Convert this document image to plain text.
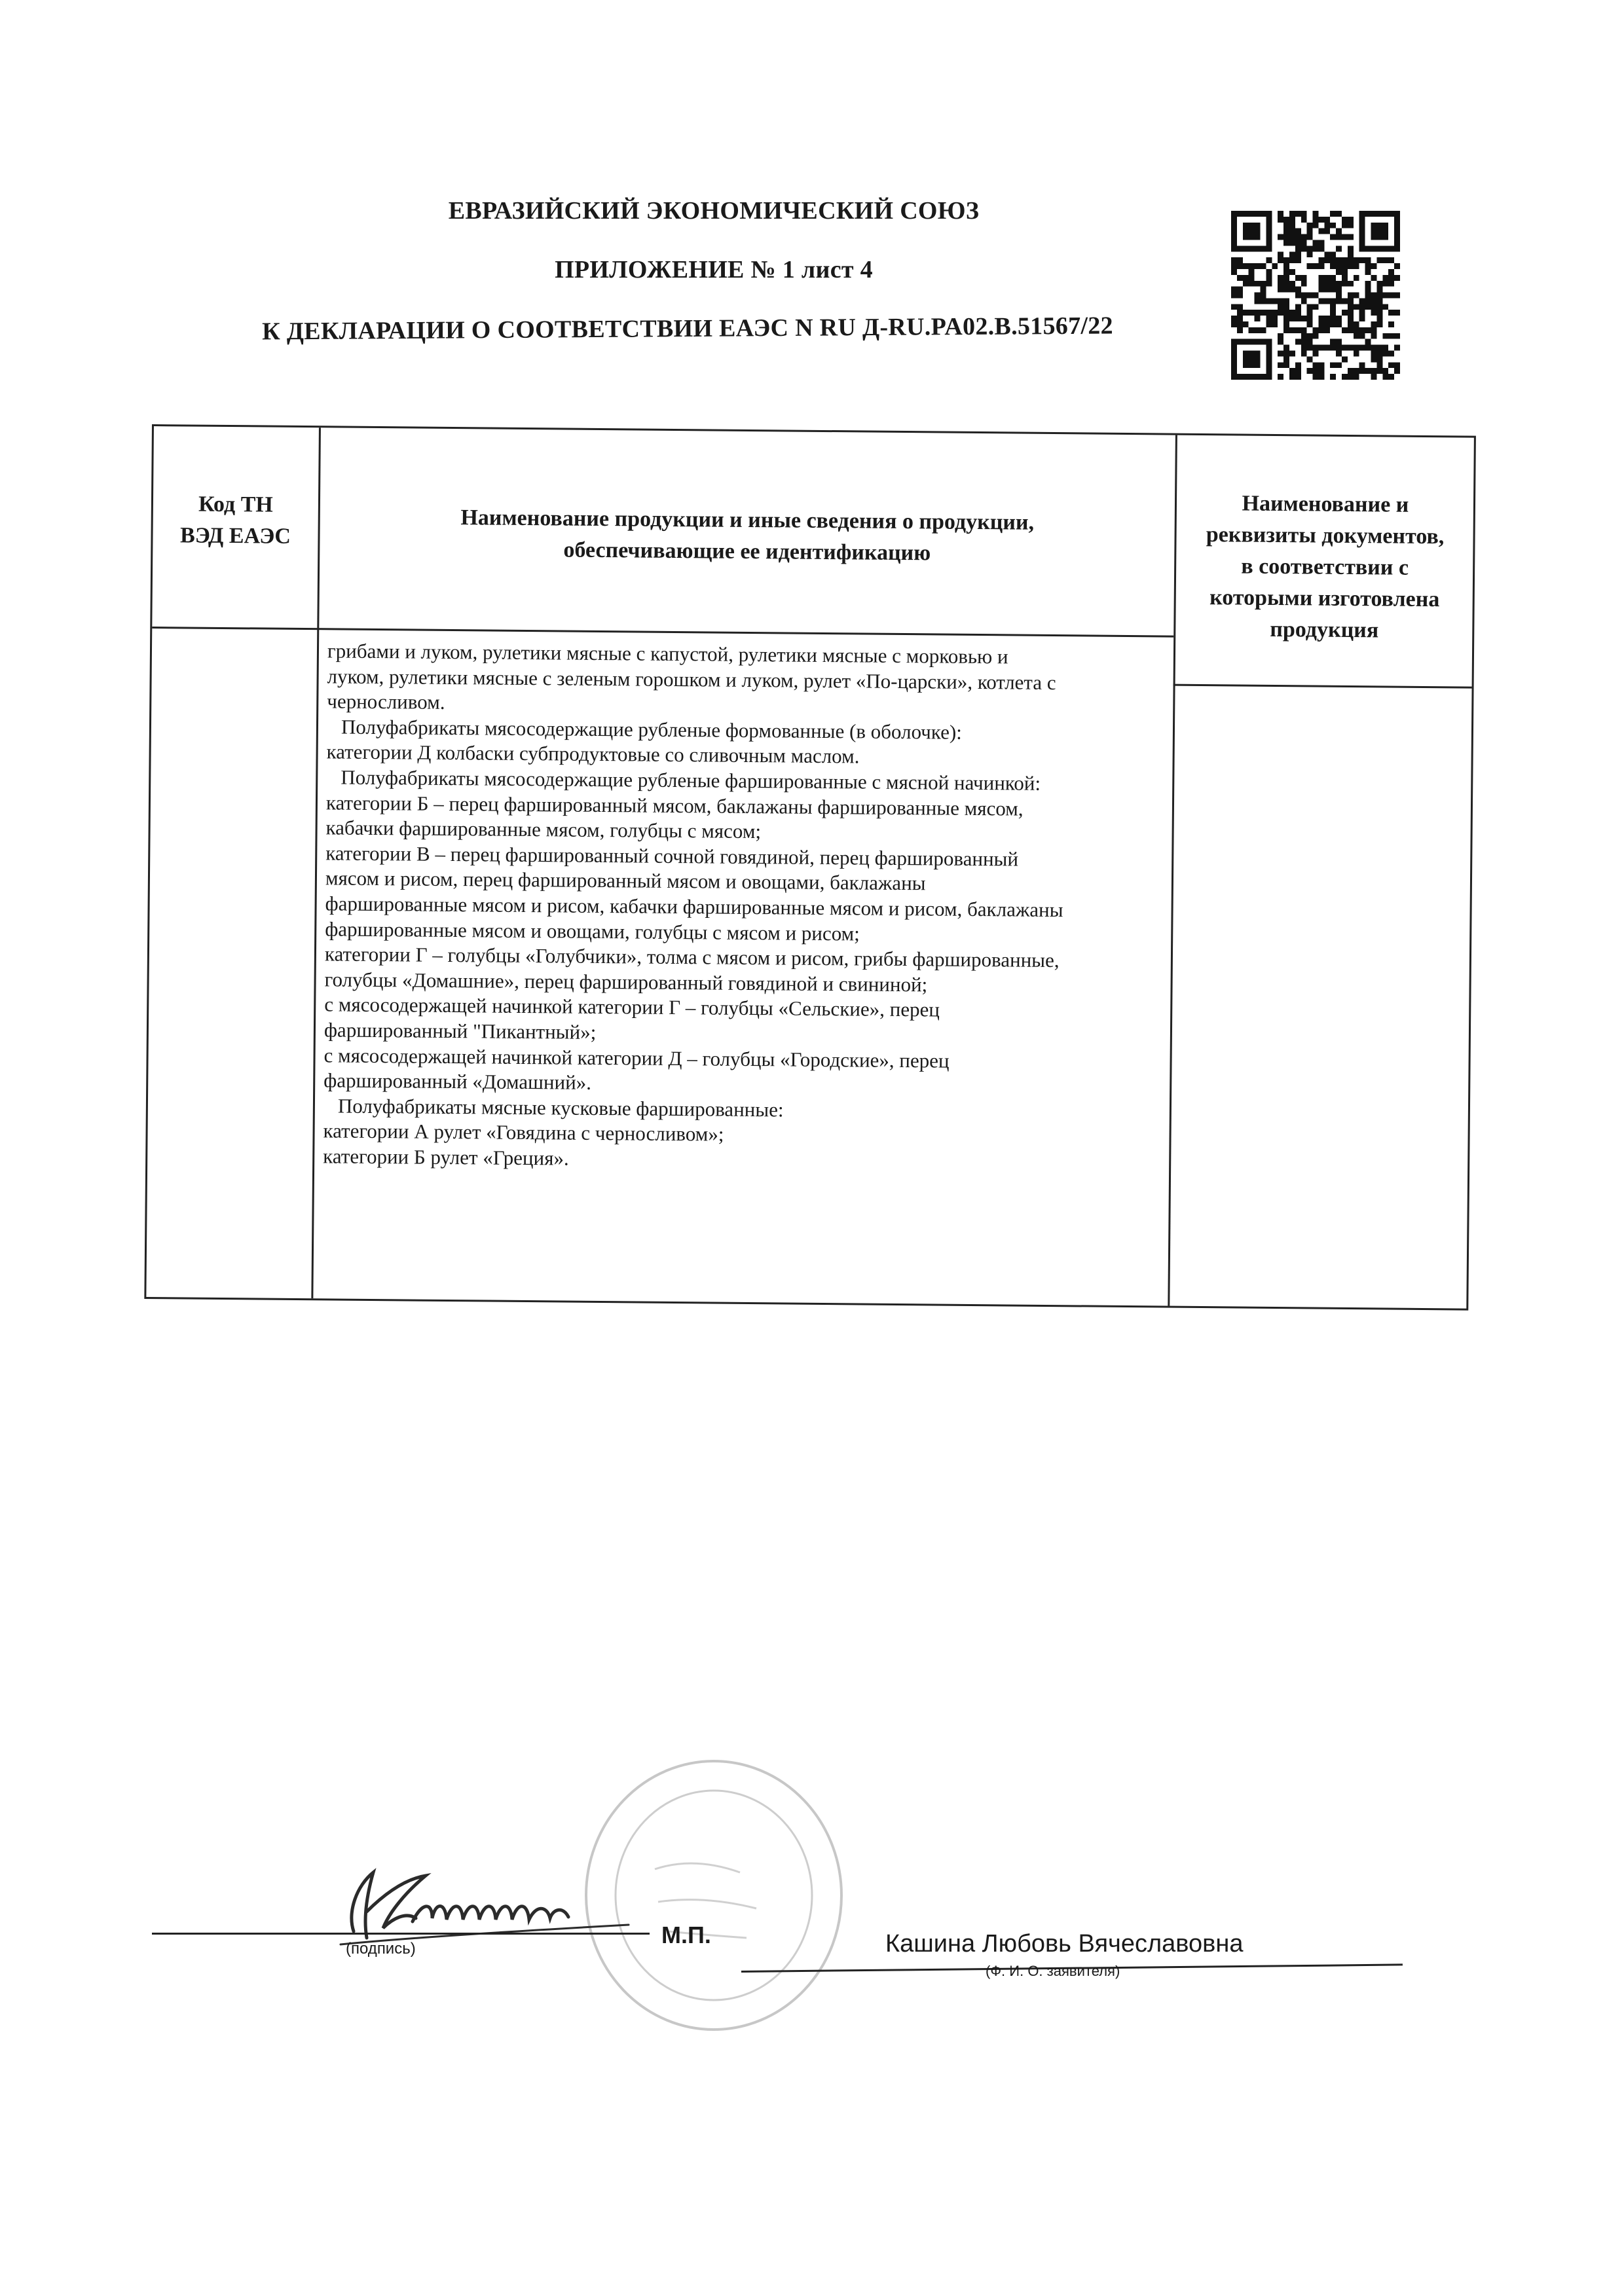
ЕВРАЗИЙСКИЙ ЭКОНОМИЧЕСКИЙ СОЮЗ
ПРИЛОЖЕНИЕ № 1 лист 4
К ДЕКЛАРАЦИИ О СООТВЕТСТВИИ ЕАЭС N RU Д-RU.PA02.B.51567/22
Код ТН
ВЭД ЕАЭС
Наименование продукции и иные сведения о продукции,
обеспечивающие ее идентификацию
Наименование и
реквизиты документов,
в соответствии с
которыми изготовлена
продукция
грибами и луком, рулетики мясные с капустой, рулетики мясные с морковью и
луком, рулетики мясные с зеленым горошком и луком, рулет «По-царски», котлета с
черносливом.
Полуфабрикаты мясосодержащие рубленые формованные (в оболочке):
категории Д колбаски субпродуктовые со сливочным маслом.
Полуфабрикаты мясосодержащие рубленые фаршированные с мясной начинкой:
категории Б – перец фаршированный мясом, баклажаны фаршированные мясом,
кабачки фаршированные мясом, голубцы с мясом;
категории В – перец фаршированный сочной говядиной, перец фаршированный
мясом и рисом, перец фаршированный мясом и овощами, баклажаны
фаршированные мясом и рисом, кабачки фаршированные мясом и рисом, баклажаны
фаршированные мясом и овощами, голубцы с мясом и рисом;
категории Г – голубцы «Голубчики», толма с мясом и рисом, грибы фаршированные,
голубцы «Домашние», перец фаршированный говядиной и свининой;
с мясосодержащей начинкой категории Г – голубцы «Сельские», перец
фаршированный "Пикантный»;
с мясосодержащей начинкой категории Д – голубцы «Городские», перец
фаршированный «Домашний».
Полуфабрикаты мясные кусковые фаршированные:
категории А рулет «Говядина с черносливом»;
категории Б рулет «Греция».
(подпись)
М.П.	Кашина Любовь Вячеславовна
(Ф. И. О. заявителя)
